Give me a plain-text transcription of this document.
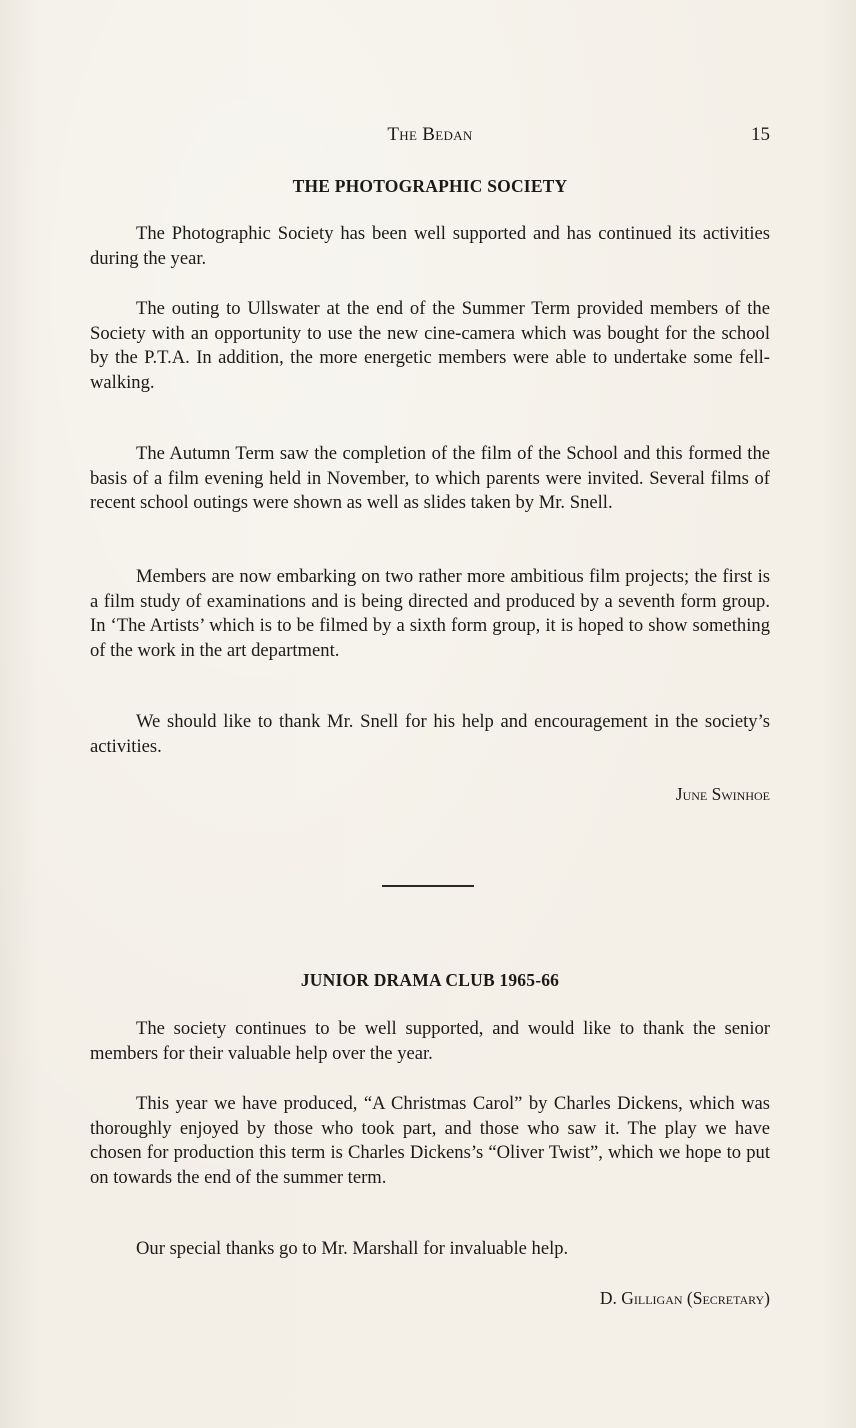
The Bedan	15
THE PHOTOGRAPHIC SOCIETY

The Photographic Society has been well supported and has continued its activities during the year.

The outing to Ullswater at the end of the Summer Term provided members of the Society with an opportunity to use the new cine-camera which was bought for the school by the P.T.A. In addition, the more energetic members were able to undertake some fell-walking.

The Autumn Term saw the completion of the film of the School and this formed the basis of a film evening held in November, to which parents were invited. Several films of recent school outings were shown as well as slides taken by Mr. Snell.

Members are now embarking on two rather more ambitious film projects; the first is a film study of examinations and is being directed and produced by a seventh form group. In ‘The Artists’ which is to be filmed by a sixth form group, it is hoped to show something of the work in the art department.

We should like to thank Mr. Snell for his help and encouragement in the society’s activities.

June Swinhoe
JUNIOR DRAMA CLUB 1965-66

The society continues to be well supported, and would like to thank the senior members for their valuable help over the year.

This year we have produced, “A Christmas Carol” by Charles Dickens, which was thoroughly enjoyed by those who took part, and those who saw it. The play we have chosen for production this term is Charles Dickens’s “Oliver Twist”, which we hope to put on towards the end of the summer term.

Our special thanks go to Mr. Marshall for invaluable help.

D. Gilligan (Secretary)
